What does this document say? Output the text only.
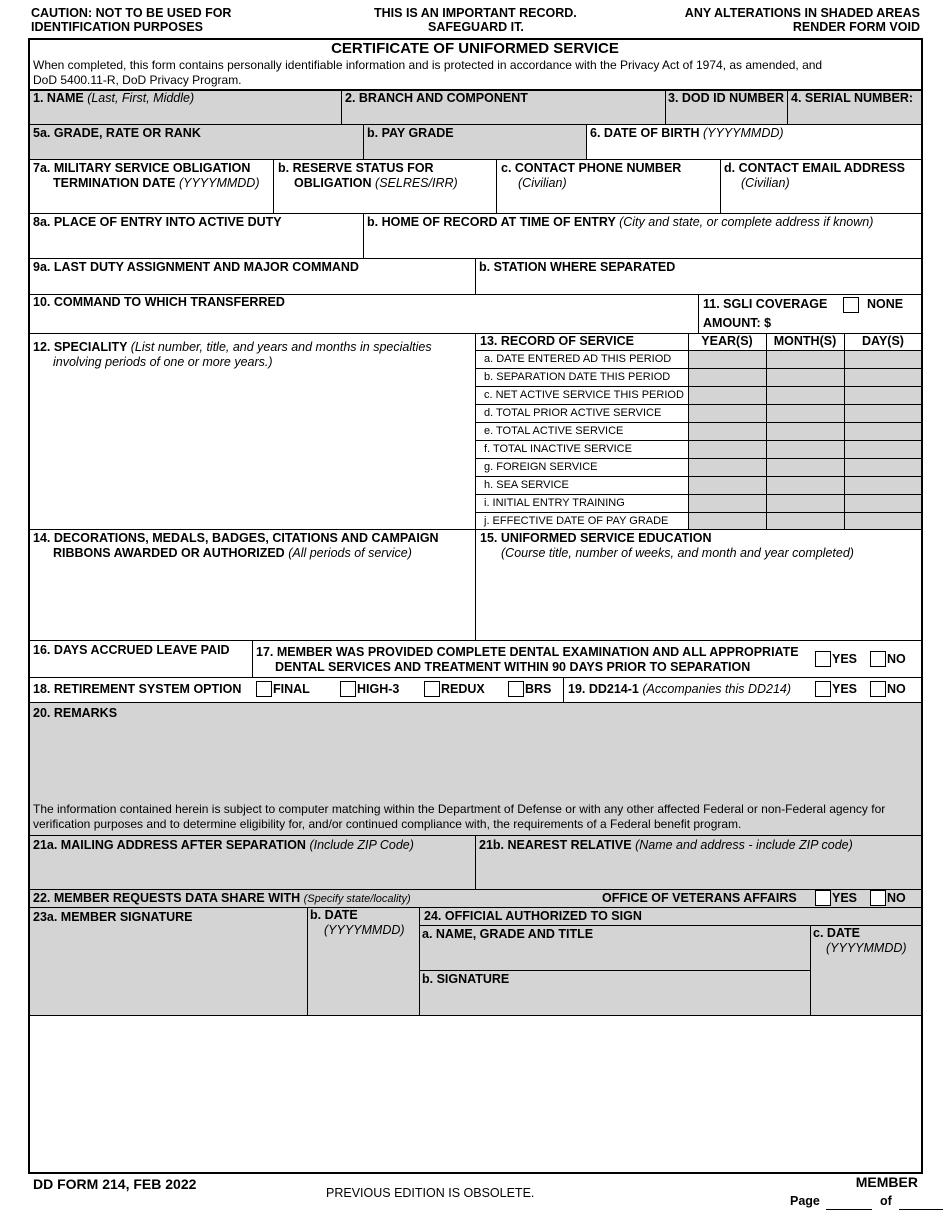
CAUTION: NOT TO BE USED FOR
IDENTIFICATION PURPOSES
THIS IS AN IMPORTANT RECORD.
SAFEGUARD IT.
ANY ALTERATIONS IN SHADED AREAS
RENDER FORM VOID
CERTIFICATE OF UNIFORMED SERVICE
When completed, this form contains personally identifiable information and is protected in accordance with the Privacy Act of 1974, as amended, and
DoD 5400.11-R, DoD Privacy Program.
1. NAME (Last, First, Middle)	2. BRANCH AND COMPONENT	3. DOD ID NUMBER 4. SERIAL NUMBER:
5a. GRADE, RATE OR RANK	b. PAY GRADE	6. DATE OF BIRTH (YYYYMMDD)
7a. MILITARY SERVICE OBLIGATION
TERMINATION DATE (YYYYMMDD)
b. RESERVE STATUS FOR
OBLIGATION (SELRES/IRR)
c. CONTACT PHONE NUMBER
(Civilian)
d. CONTACT EMAIL ADDRESS
(Civilian)
8a. PLACE OF ENTRY INTO ACTIVE DUTY	b. HOME OF RECORD AT TIME OF ENTRY (City and state, or complete address if known)
9a. LAST DUTY ASSIGNMENT AND MAJOR COMMAND	b. STATION WHERE SEPARATED
10. COMMAND TO WHICH TRANSFERRED	11. SGLI COVERAGE	NONE
AMOUNT: $
12. SPECIALITY (List number, title, and years and months in specialties
involving periods of one or more years.)
13. RECORD OF SERVICE	YEAR(S)	MONTH(S)	DAY(S)
a. DATE ENTERED AD THIS PERIOD
b. SEPARATION DATE THIS PERIOD
c. NET ACTIVE SERVICE THIS PERIOD
d. TOTAL PRIOR ACTIVE SERVICE
e. TOTAL ACTIVE SERVICE
f. TOTAL INACTIVE SERVICE
g. FOREIGN SERVICE
h. SEA SERVICE
i. INITIAL ENTRY TRAINING
j. EFFECTIVE DATE OF PAY GRADE
14. DECORATIONS, MEDALS, BADGES, CITATIONS AND CAMPAIGN
RIBBONS AWARDED OR AUTHORIZED (All periods of service)
15. UNIFORMED SERVICE EDUCATION
(Course title, number of weeks, and month and year completed)
16. DAYS ACCRUED LEAVE PAID 17. MEMBER WAS PROVIDED COMPLETE DENTAL EXAMINATION AND ALL APPROPRIATE
DENTAL SERVICES AND TREATMENT WITHIN 90 DAYS PRIOR TO SEPARATION
YES NO
18. RETIREMENT SYSTEM OPTION	FINAL	HIGH-3	REDUX	BRS 19. DD214-1 (Accompanies this DD214)	YES NO
20. REMARKS
The information contained herein is subject to computer matching within the Department of Defense or with any other affected Federal or non-Federal agency for
verification purposes and to determine eligibility for, and/or continued compliance with, the requirements of a Federal benefit program.
21a. MAILING ADDRESS AFTER SEPARATION (Include ZIP Code)	21b. NEAREST RELATIVE (Name and address - include ZIP code)
22. MEMBER REQUESTS DATA SHARE WITH (Specify state/locality)	OFFICE OF VETERANS AFFAIRS	YES NO
23a. MEMBER SIGNATURE	b. DATE
(YYYYMMDD)
24. OFFICIAL AUTHORIZED TO SIGN
a. NAME, GRADE AND TITLE
b. SIGNATURE
c. DATE
(YYYYMMDD)
DD FORM 214, FEB 2022
PREVIOUS EDITION IS OBSOLETE.
MEMBER
Page	of
